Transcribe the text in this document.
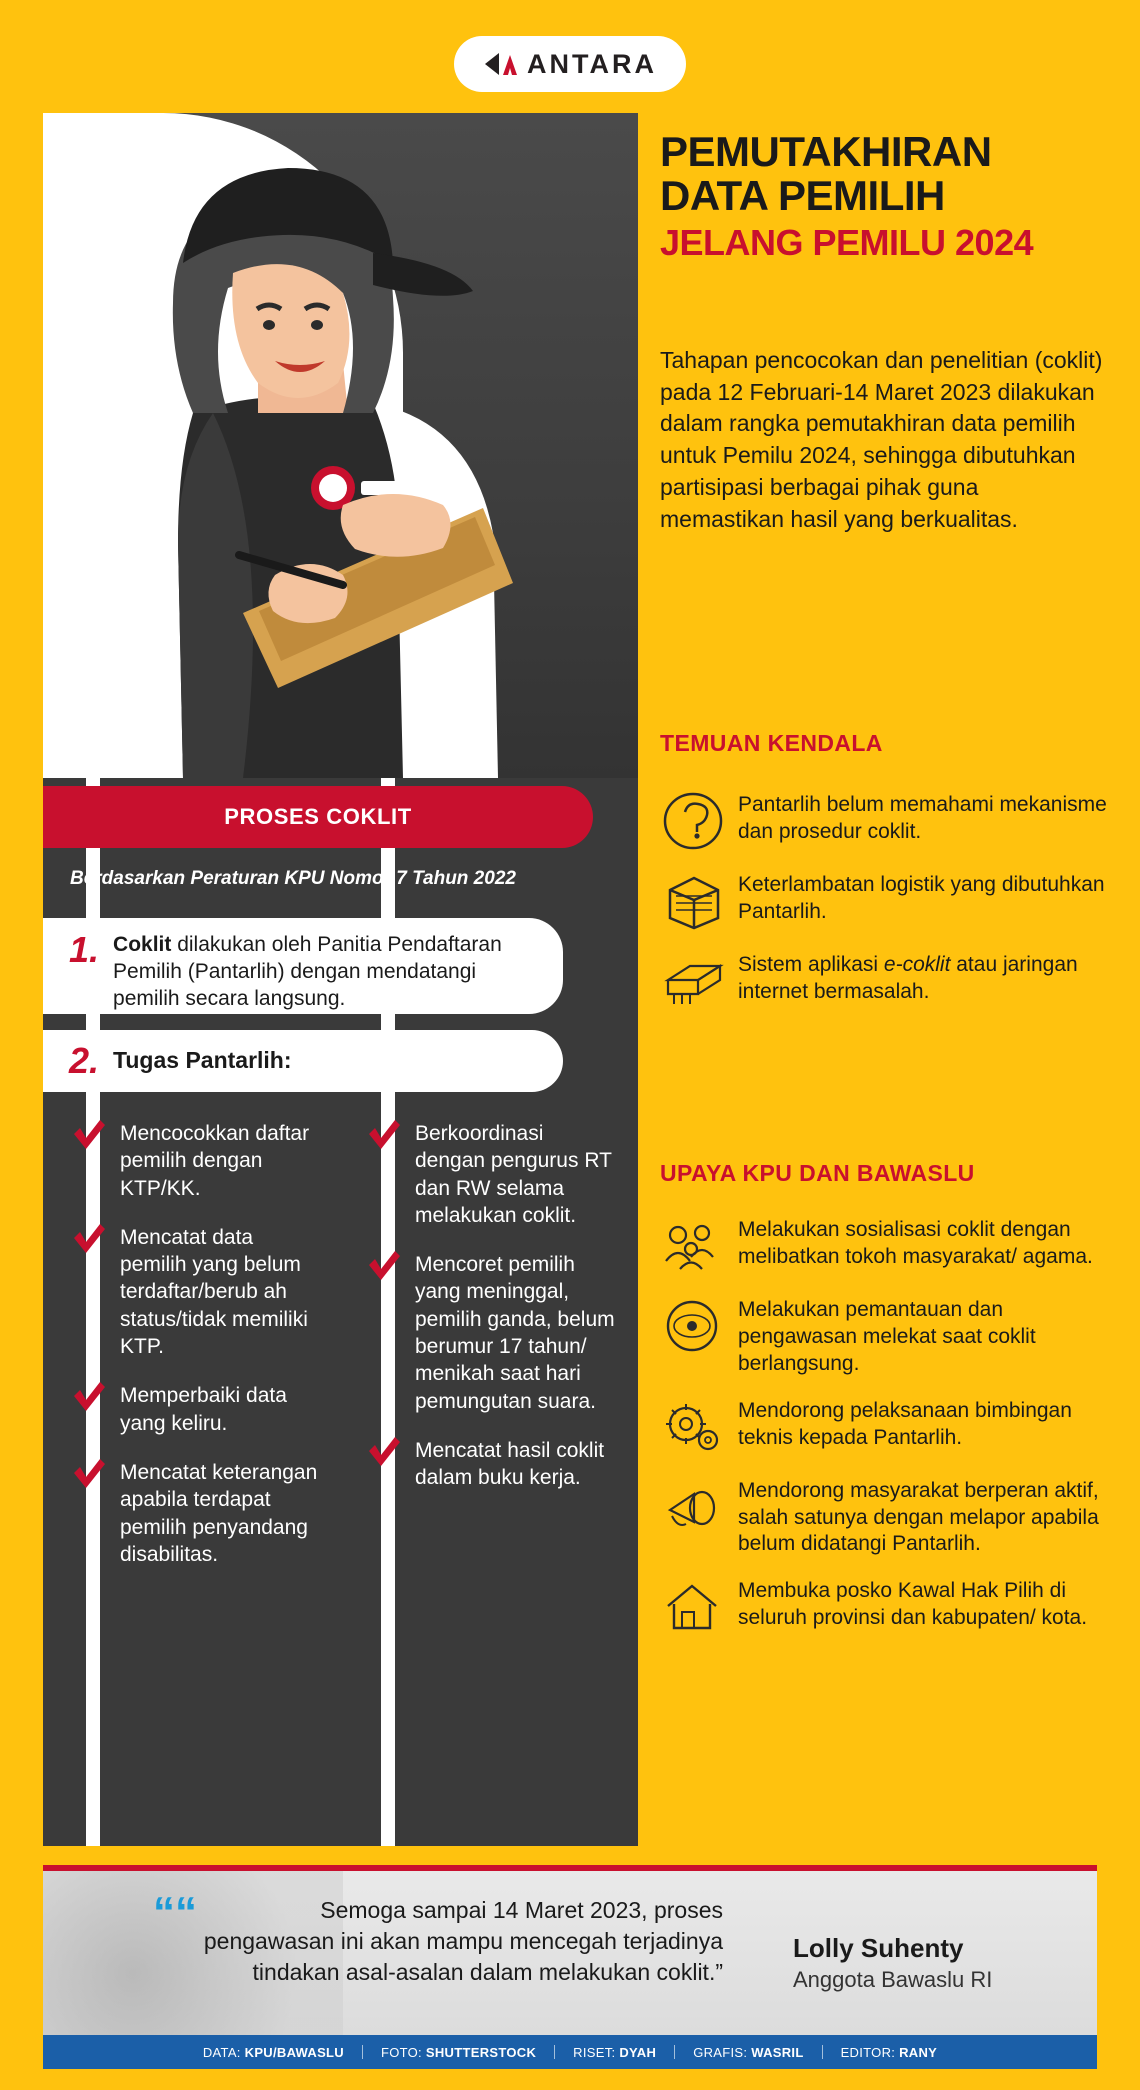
ANTARA
PROSES COKLIT
Berdasarkan Peraturan KPU Nomor 7 Tahun 2022
1. Coklit dilakukan oleh Panitia Pendaftaran Pemilih (Pantarlih) dengan mendatangi pemilih secara langsung.
2. Tugas Pantarlih:
Mencocokkan daftar pemilih dengan KTP/KK.
Mencatat data pemilih yang belum terdaftar/berub ah status/tidak memiliki KTP.
Memperbaiki data yang keliru.
Mencatat keterangan apabila terdapat pemilih penyandang disabilitas.
Berkoordinasi dengan pengurus RT dan RW selama melakukan coklit.
Mencoret pemilih yang meninggal, pemilih ganda, belum berumur 17 tahun/ menikah saat hari pemungutan suara.
Mencatat hasil coklit dalam buku kerja.
PEMUTAKHIRAN
DATA PEMILIH
JELANG PEMILU 2024
Tahapan pencocokan dan penelitian (coklit) pada 12 Februari-14 Maret 2023 dilakukan dalam rangka pemutakhiran data pemilih untuk Pemilu 2024, sehingga dibutuhkan partisipasi berbagai pihak guna memastikan hasil yang berkualitas.
TEMUAN KENDALA
Pantarlih belum memahami mekanisme dan prosedur coklit.
Keterlambatan logistik yang dibutuhkan Pantarlih.
Sistem aplikasi e-coklit atau jaringan internet bermasalah.
UPAYA KPU DAN BAWASLU
Melakukan sosialisasi coklit dengan melibatkan tokoh masyarakat/ agama.
Melakukan pemantauan dan pengawasan melekat saat coklit berlangsung.
Mendorong pelaksanaan bimbingan teknis kepada Pantarlih.
Mendorong masyarakat berperan aktif, salah satunya dengan melapor apabila belum didatangi Pantarlih.
Membuka posko Kawal Hak Pilih di seluruh provinsi dan kabupaten/ kota.
““	Semoga sampai 14 Maret 2023, proses pengawasan ini akan mampu mencegah terjadinya tindakan asal-asalan dalam melakukan coklit.”
Lolly Suhenty
Anggota Bawaslu RI
DATA: KPU/BAWASLU	FOTO: SHUTTERSTOCK	RISET: DYAH	GRAFIS: WASRIL	EDITOR: RANY
